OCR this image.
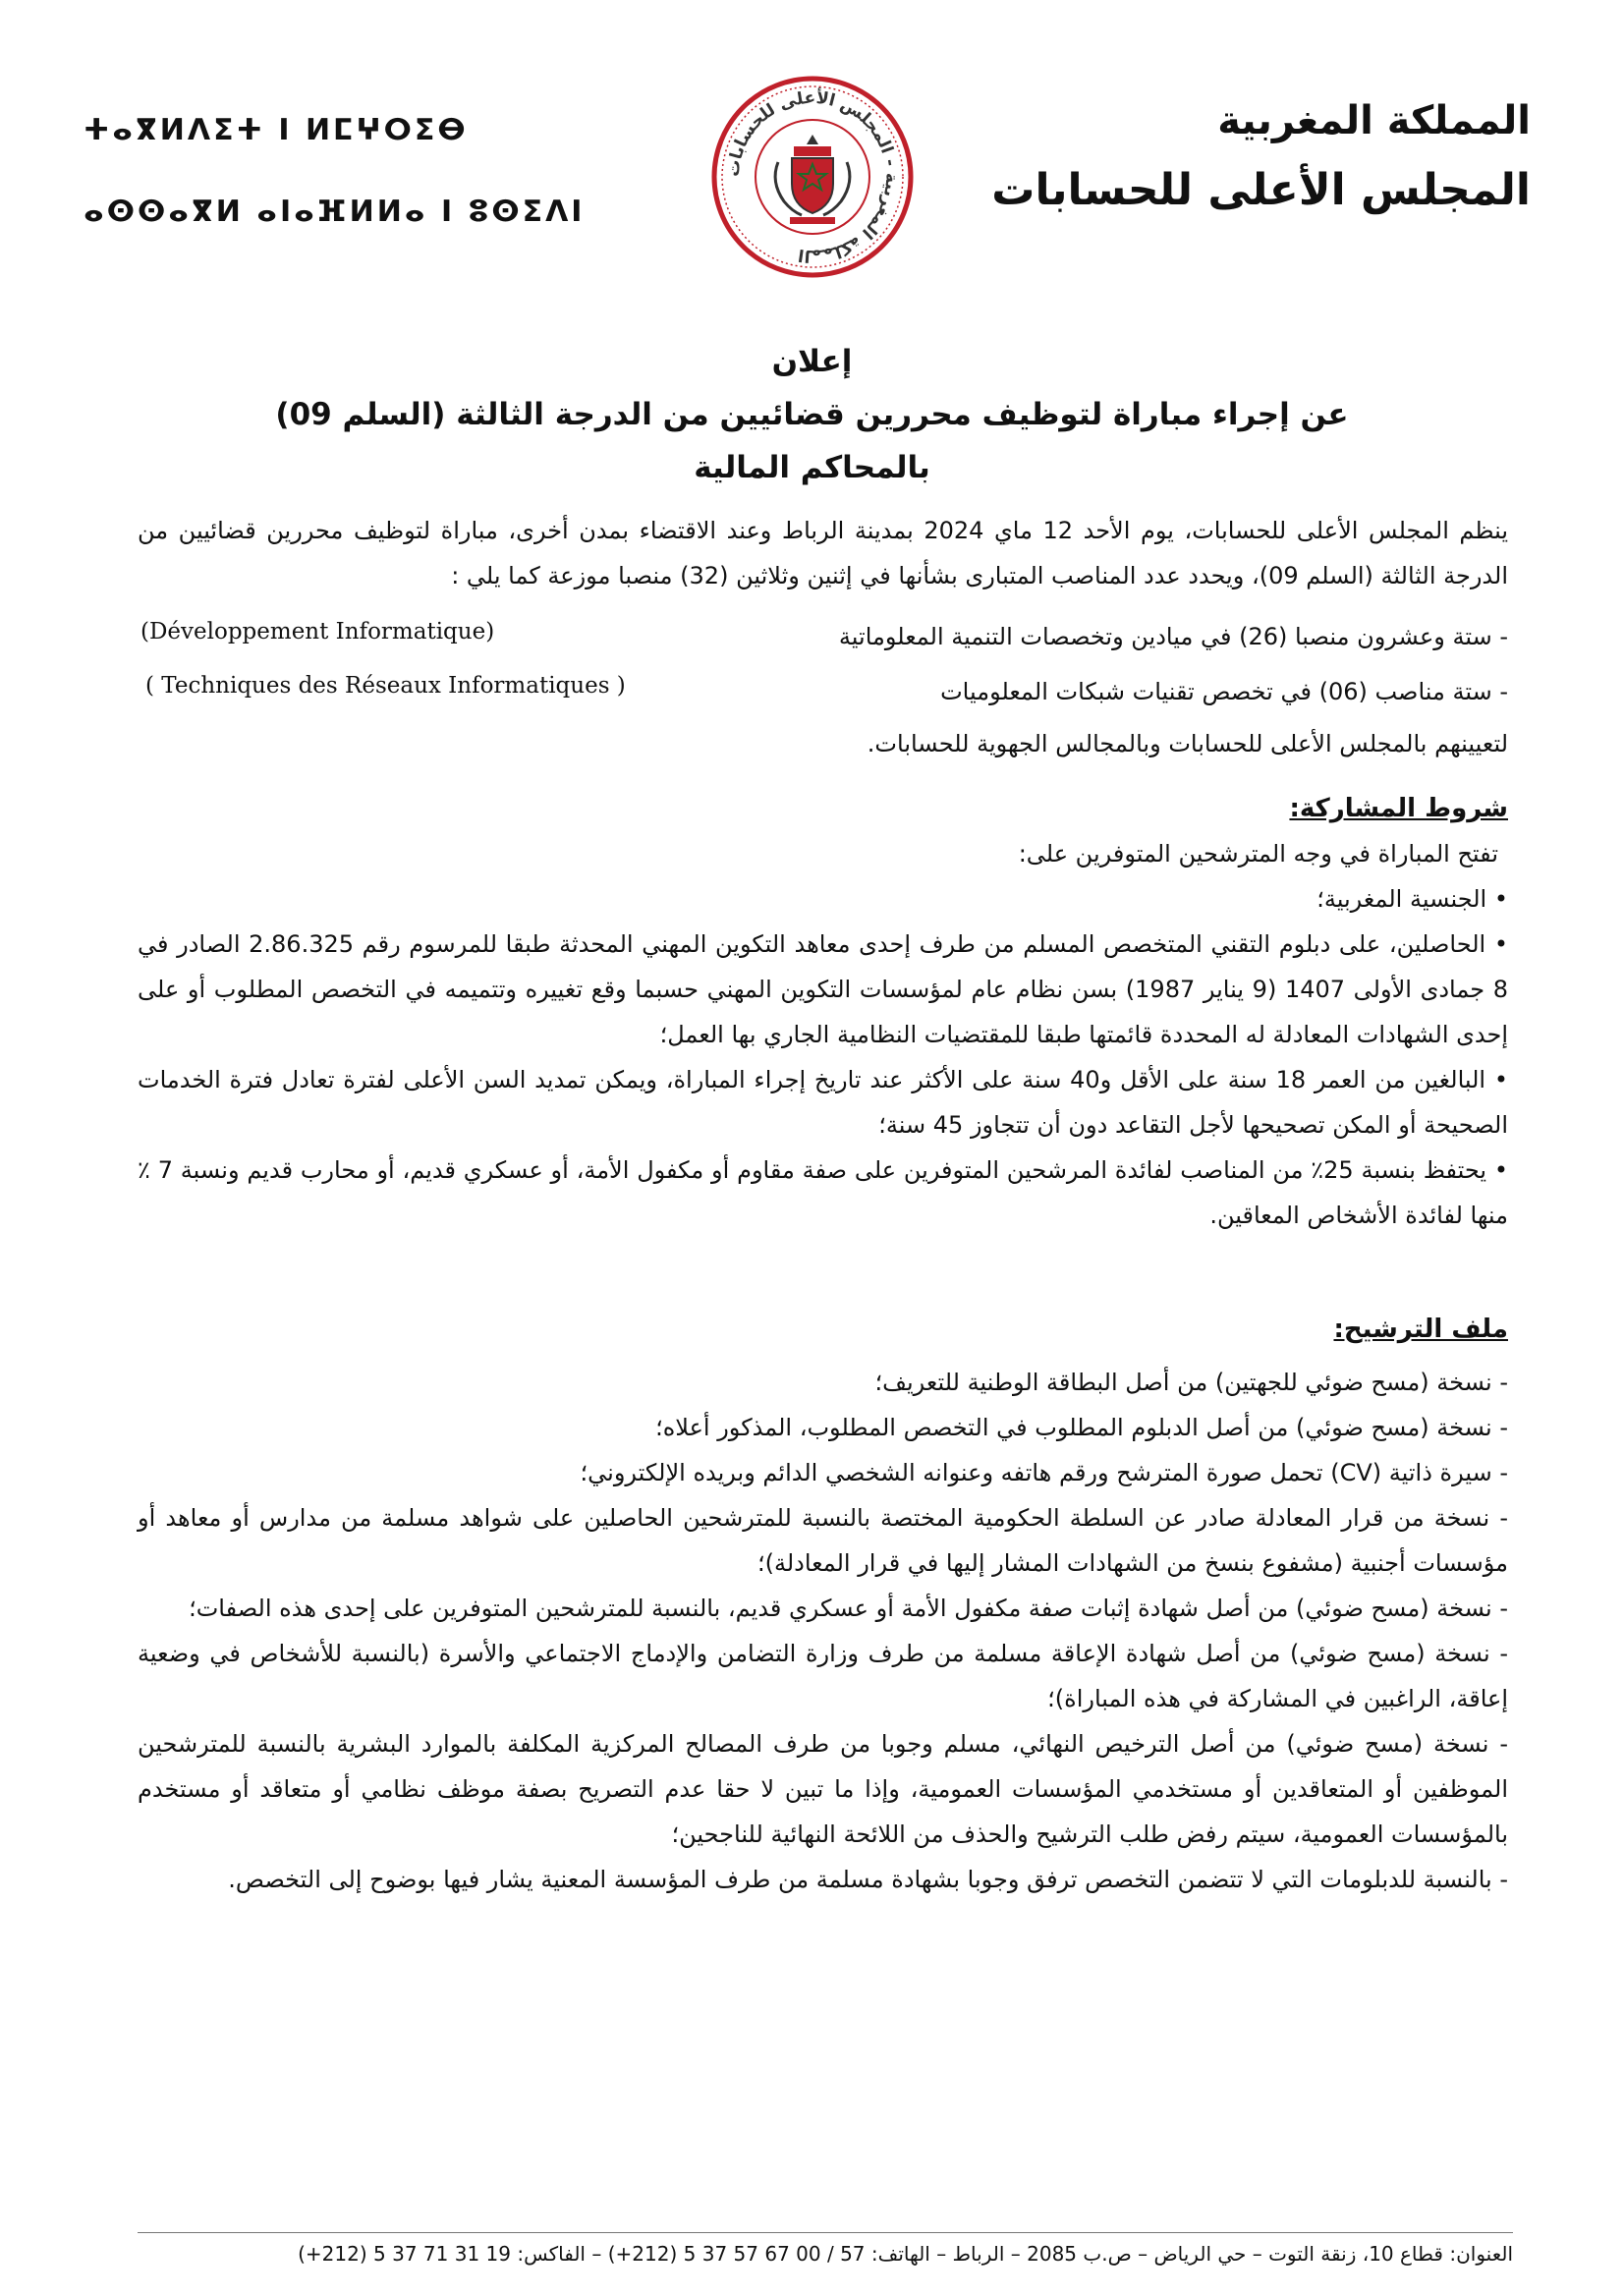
المملكة المغربية
المجلس الأعلى للحسابات
ⵜⴰⴳⵍⴷⵉⵜ ⵏ ⵍⵎⵖⵔⵉⴱ
ⴰⵙⵙⴰⴳⵍ ⴰⵏⴰⴼⵍⵍⴰ ⵏ ⵓⵙⵉⴷⵏ
المملكة المغربية - المجلس الأعلى للحسابات
إعلان
عن إجراء مباراة لتوظيف محررين قضائيين من الدرجة الثالثة (السلم 09)
بالمحاكم المالية

ينظم المجلس الأعلى للحسابات، يوم الأحد 12 ماي 2024 بمدينة الرباط وعند الاقتضاء بمدن أخرى، مباراة لتوظيف محررين قضائيين من الدرجة الثالثة (السلم 09)، ويحدد عدد المناصب المتبارى بشأنها في إثنين وثلاثين (32) منصبا موزعة كما يلي :

- ستة وعشرون منصبا (26) في ميادين وتخصصات التنمية المعلوماتية

- ستة مناصب (06) في تخصص تقنيات شبكات المعلوميات

(Développement Informatique)
( Techniques des Réseaux Informatiques )

لتعيينهم بالمجلس الأعلى للحسابات وبالمجالس الجهوية للحسابات.

شروط المشاركة:

تفتح المباراة في وجه المترشحين المتوفرين على:

• الجنسية المغربية؛

• الحاصلين، على دبلوم التقني المتخصص المسلم من طرف إحدى معاهد التكوين المهني المحدثة طبقا للمرسوم رقم 2.86.325 الصادر في 8 جمادى الأولى 1407 (9 يناير 1987) بسن نظام عام لمؤسسات التكوين المهني حسبما وقع تغييره وتتميمه في التخصص المطلوب أو على إحدى الشهادات المعادلة له المحددة قائمتها طبقا للمقتضيات النظامية الجاري بها العمل؛

• البالغين من العمر 18 سنة على الأقل و40 سنة على الأكثر عند تاريخ إجراء المباراة، ويمكن تمديد السن الأعلى لفترة تعادل فترة الخدمات الصحيحة أو المكن تصحيحها لأجل التقاعد دون أن تتجاوز 45 سنة؛

• يحتفظ بنسبة 25٪ من المناصب لفائدة المرشحين المتوفرين على صفة مقاوم أو مكفول الأمة، أو عسكري قديم، أو محارب قديم ونسبة 7 ٪ منها لفائدة الأشخاص المعاقين.

ملف الترشيح:

- نسخة (مسح ضوئي للجهتين) من أصل البطاقة الوطنية للتعريف؛

- نسخة (مسح ضوئي) من أصل الدبلوم المطلوب في التخصص المطلوب، المذكور أعلاه؛

- سيرة ذاتية (CV) تحمل صورة المترشح ورقم هاتفه وعنوانه الشخصي الدائم وبريده الإلكتروني؛

- نسخة من قرار المعادلة صادر عن السلطة الحكومية المختصة بالنسبة للمترشحين الحاصلين على شواهد مسلمة من مدارس أو معاهد أو مؤسسات أجنبية (مشفوع بنسخ من الشهادات المشار إليها في قرار المعادلة)؛

- نسخة (مسح ضوئي) من أصل شهادة إثبات صفة مكفول الأمة أو عسكري قديم، بالنسبة للمترشحين المتوفرين على إحدى هذه الصفات؛

- نسخة (مسح ضوئي) من أصل شهادة الإعاقة مسلمة من طرف وزارة التضامن والإدماج الاجتماعي والأسرة (بالنسبة للأشخاص في وضعية إعاقة، الراغبين في المشاركة في هذه المباراة)؛

- نسخة (مسح ضوئي) من أصل الترخيص النهائي، مسلم وجوبا من طرف المصالح المركزية المكلفة بالموارد البشرية بالنسبة للمترشحين الموظفين أو المتعاقدين أو مستخدمي المؤسسات العمومية، وإذا ما تبين لا حقا عدم التصريح بصفة موظف نظامي أو متعاقد أو مستخدم بالمؤسسات العمومية، سيتم رفض طلب الترشيح والحذف من اللائحة النهائية للناجحين؛

- بالنسبة للدبلومات التي لا تتضمن التخصص ترفق وجوبا بشهادة مسلمة من طرف المؤسسة المعنية يشار فيها بوضوح إلى التخصص.

العنوان: قطاع 10، زنقة التوت – حي الرياض – ص.ب 2085 – الرباط – الهاتف: 57 / 00 67 57 37 5 (212+) – الفاكس: 19 31 71 37 5 (212+)
